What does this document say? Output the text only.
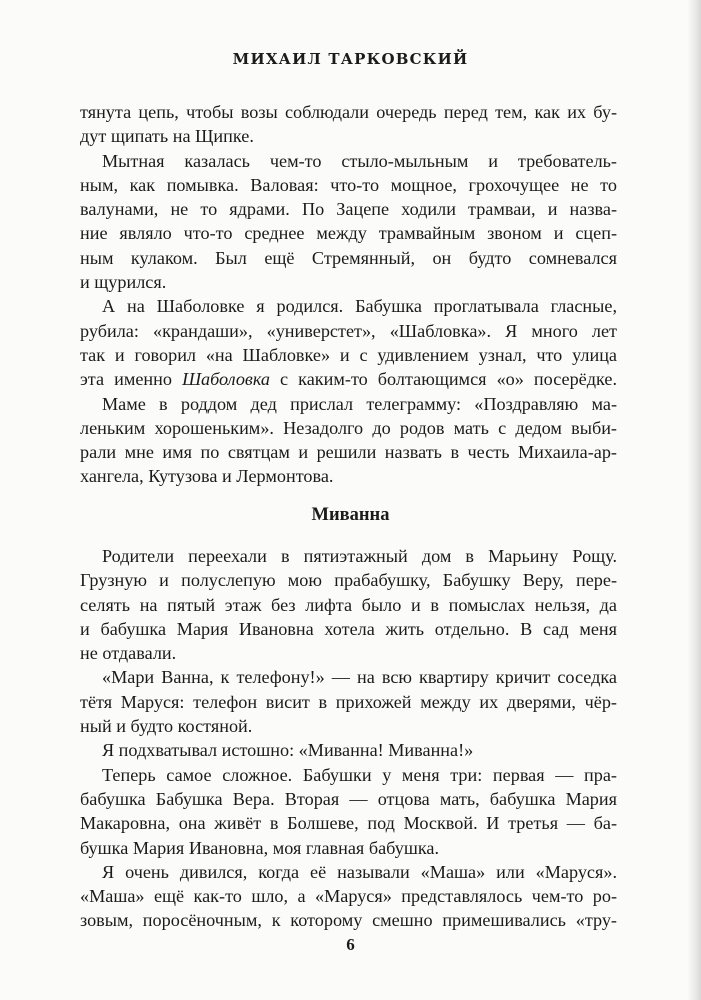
МИХАИЛ ТАРКОВСКИЙ
тянута цепь, чтобы возы соблюдали очередь перед тем, как их бу-
дут щипать на Щипке.
Мытная казалась чем-то стыло-мыльным и требователь-
ным, как помывка. Валовая: что-то мощное, грохочущее не то
валунами, не то ядрами. По Зацепе ходили трамваи, и назва-
ние являло что-то среднее между трамвайным звоном и сцеп-
ным кулаком. Был ещё Стремянный, он будто сомневался
и щурился.
А на Шаболовке я родился. Бабушка проглатывала гласные,
рубила: «крандаши», «универстет», «Шабловка». Я много лет
так и говорил «на Шабловке» и с удивлением узнал, что улица
эта именно Шаболовка с каким-то болтающимся «о» посерёдке.
Маме в роддом дед прислал телеграмму: «Поздравляю ма-
леньким хорошеньким». Незадолго до родов мать с дедом выби-
рали мне имя по святцам и решили назвать в честь Михаила-ар-
хангела, Кутузова и Лермонтова.
Миванна
Родители переехали в пятиэтажный дом в Марьину Рощу.
Грузную и полуслепую мою прабабушку, Бабушку Веру, пере-
селять на пятый этаж без лифта было и в помыслах нельзя, да
и бабушка Мария Ивановна хотела жить отдельно. В сад меня
не отдавали.
«Мари Ванна, к телефону!» — на всю квартиру кричит соседка
тётя Маруся: телефон висит в прихожей между их дверями, чёр-
ный и будто костяной.
Я подхватывал истошно: «Миванна! Миванна!»
Теперь самое сложное. Бабушки у меня три: первая — пра-
бабушка Бабушка Вера. Вторая — отцова мать, бабушка Мария
Макаровна, она живёт в Болшеве, под Москвой. И третья — ба-
бушка Мария Ивановна, моя главная бабушка.
Я очень дивился, когда её называли «Маша» или «Маруся».
«Маша» ещё как-то шло, а «Маруся» представлялось чем-то ро-
зовым, поросёночным, к которому смешно примешивались «тру-
6
